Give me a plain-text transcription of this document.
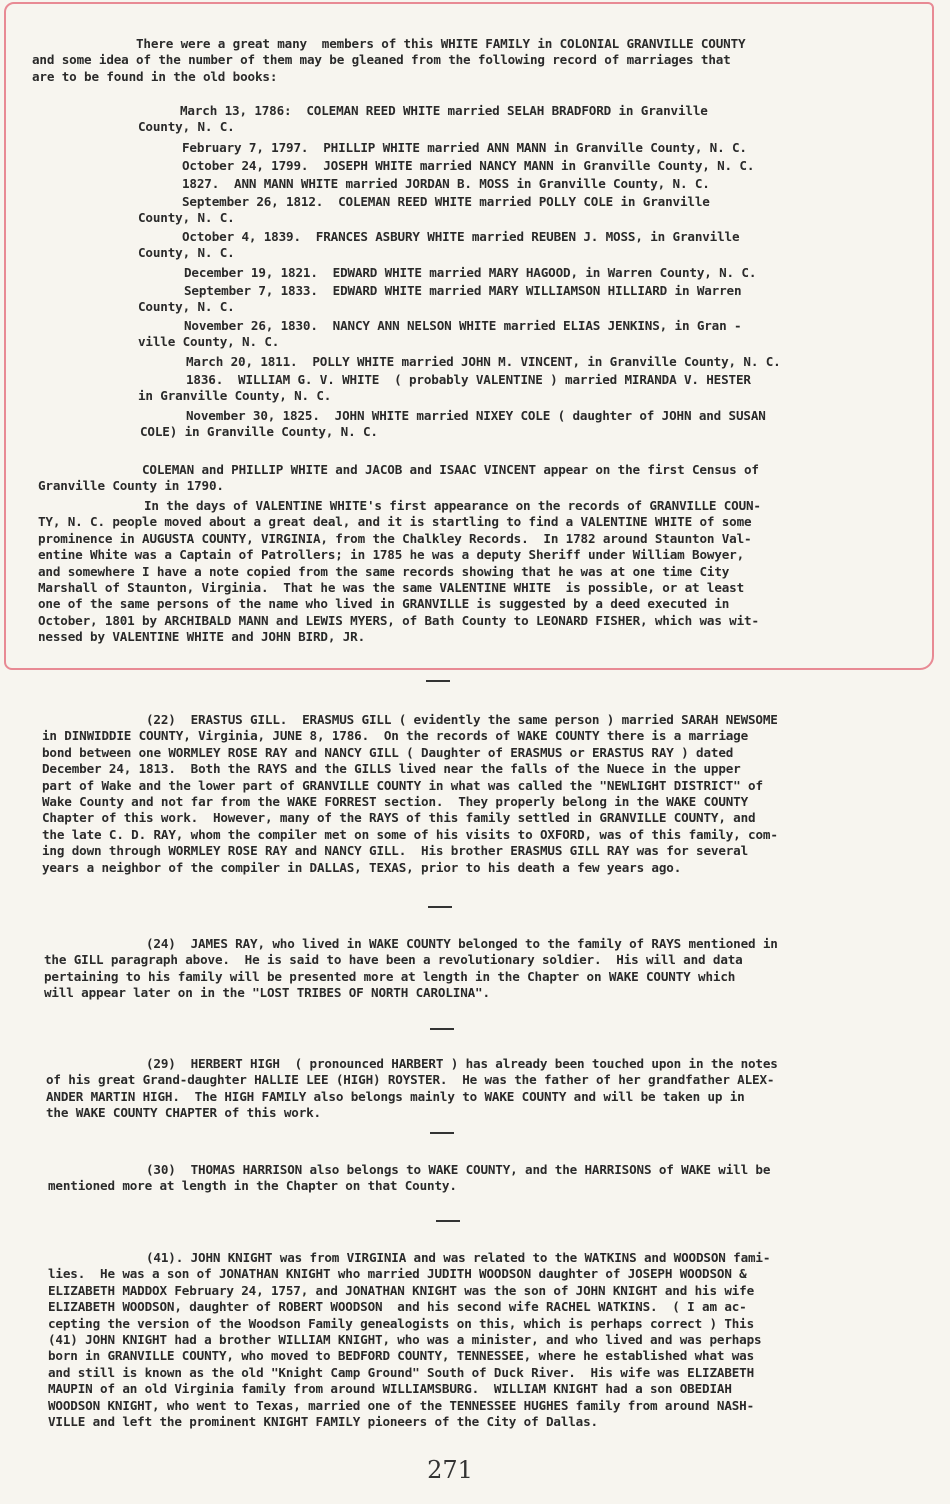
There were a great many  members of this WHITE FAMILY in COLONIAL GRANVILLE COUNTY
and some idea of the number of them may be gleaned from the following record of marriages that
are to be found in the old books:

March 13, 1786:  COLEMAN REED WHITE married SELAH BRADFORD in Granville
County, N. C.

February 7, 1797.  PHILLIP WHITE married ANN MANN in Granville County, N. C.

October 24, 1799.  JOSEPH WHITE married NANCY MANN in Granville County, N. C.

1827.  ANN MANN WHITE married JORDAN B. MOSS in Granville County, N. C.

September 26, 1812.  COLEMAN REED WHITE married POLLY COLE in Granville
County, N. C.

October 4, 1839.  FRANCES ASBURY WHITE married REUBEN J. MOSS, in Granville
County, N. C.

December 19, 1821.  EDWARD WHITE married MARY HAGOOD, in Warren County, N. C.

September 7, 1833.  EDWARD WHITE married MARY WILLIAMSON HILLIARD in Warren
County, N. C.

November 26, 1830.  NANCY ANN NELSON WHITE married ELIAS JENKINS, in Gran -
ville County, N. C.

March 20, 1811.  POLLY WHITE married JOHN M. VINCENT, in Granville County, N. C.

1836.  WILLIAM G. V. WHITE  ( probably VALENTINE ) married MIRANDA V. HESTER
in Granville County, N. C.

November 30, 1825.  JOHN WHITE married NIXEY COLE ( daughter of JOHN and SUSAN
COLE) in Granville County, N. C.

COLEMAN and PHILLIP WHITE and JACOB and ISAAC VINCENT appear on the first Census of
Granville County in 1790.

In the days of VALENTINE WHITE's first appearance on the records of GRANVILLE COUN-
TY, N. C. people moved about a great deal, and it is startling to find a VALENTINE WHITE of some
prominence in AUGUSTA COUNTY, VIRGINIA, from the Chalkley Records.  In 1782 around Staunton Val-
entine White was a Captain of Patrollers; in 1785 he was a deputy Sheriff under William Bowyer,
and somewhere I have a note copied from the same records showing that he was at one time City
Marshall of Staunton, Virginia.  That he was the same VALENTINE WHITE  is possible, or at least
one of the same persons of the name who lived in GRANVILLE is suggested by a deed executed in
October, 1801 by ARCHIBALD MANN and LEWIS MYERS, of Bath County to LEONARD FISHER, which was wit-
nessed by VALENTINE WHITE and JOHN BIRD, JR.

(22)  ERASTUS GILL.  ERASMUS GILL ( evidently the same person ) married SARAH NEWSOME
in DINWIDDIE COUNTY, Virginia, JUNE 8, 1786.  On the records of WAKE COUNTY there is a marriage
bond between one WORMLEY ROSE RAY and NANCY GILL ( Daughter of ERASMUS or ERASTUS RAY ) dated
December 24, 1813.  Both the RAYS and the GILLS lived near the falls of the Nuece in the upper
part of Wake and the lower part of GRANVILLE COUNTY in what was called the "NEWLIGHT DISTRICT" of
Wake County and not far from the WAKE FORREST section.  They properly belong in the WAKE COUNTY
Chapter of this work.  However, many of the RAYS of this family settled in GRANVILLE COUNTY, and
the late C. D. RAY, whom the compiler met on some of his visits to OXFORD, was of this family, com-
ing down through WORMLEY ROSE RAY and NANCY GILL.  His brother ERASMUS GILL RAY was for several
years a neighbor of the compiler in DALLAS, TEXAS, prior to his death a few years ago.

(24)  JAMES RAY, who lived in WAKE COUNTY belonged to the family of RAYS mentioned in
the GILL paragraph above.  He is said to have been a revolutionary soldier.  His will and data
pertaining to his family will be presented more at length in the Chapter on WAKE COUNTY which
will appear later on in the "LOST TRIBES OF NORTH CAROLINA".

(29)  HERBERT HIGH  ( pronounced HARBERT ) has already been touched upon in the notes
of his great Grand-daughter HALLIE LEE (HIGH) ROYSTER.  He was the father of her grandfather ALEX-
ANDER MARTIN HIGH.  The HIGH FAMILY also belongs mainly to WAKE COUNTY and will be taken up in
the WAKE COUNTY CHAPTER of this work.

(30)  THOMAS HARRISON also belongs to WAKE COUNTY, and the HARRISONS of WAKE will be
mentioned more at length in the Chapter on that County.

(41). JOHN KNIGHT was from VIRGINIA and was related to the WATKINS and WOODSON fami-
lies.  He was a son of JONATHAN KNIGHT who married JUDITH WOODSON daughter of JOSEPH WOODSON &
ELIZABETH MADDOX February 24, 1757, and JONATHAN KNIGHT was the son of JOHN KNIGHT and his wife
ELIZABETH WOODSON, daughter of ROBERT WOODSON  and his second wife RACHEL WATKINS.  ( I am ac-
cepting the version of the Woodson Family genealogists on this, which is perhaps correct ) This
(41) JOHN KNIGHT had a brother WILLIAM KNIGHT, who was a minister, and who lived and was perhaps
born in GRANVILLE COUNTY, who moved to BEDFORD COUNTY, TENNESSEE, where he established what was
and still is known as the old "Knight Camp Ground" South of Duck River.  His wife was ELIZABETH
MAUPIN of an old Virginia family from around WILLIAMSBURG.  WILLIAM KNIGHT had a son OBEDIAH
WOODSON KNIGHT, who went to Texas, married one of the TENNESSEE HUGHES family from around NASH-
VILLE and left the prominent KNIGHT FAMILY pioneers of the City of Dallas.

271
